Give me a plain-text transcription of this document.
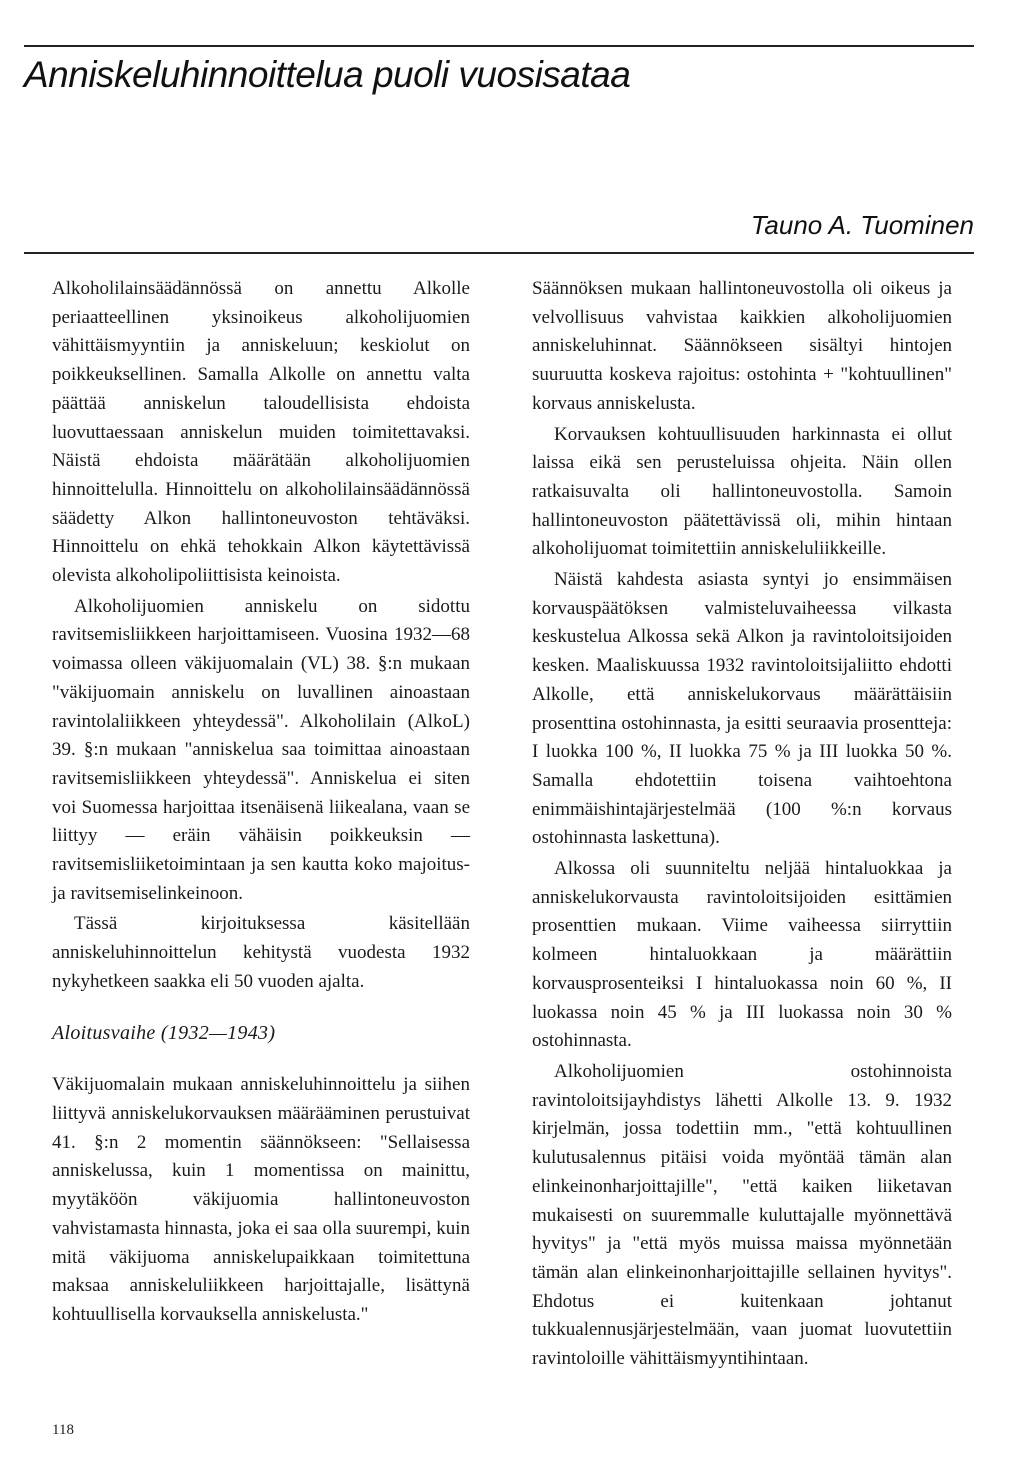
Anniskeluhinnoittelua puoli vuosisataa
Tauno A. Tuominen

Alkoholilainsäädännössä on annettu Alkolle periaatteellinen yksinoikeus alkoholijuomien vähittäismyyntiin ja anniskeluun; keskiolut on poikkeuksellinen. Samalla Alkolle on annettu valta päättää anniskelun taloudellisista ehdoista luovuttaessaan anniskelun muiden toimitettavaksi. Näistä ehdoista määrätään alkoholijuomien hinnoittelulla. Hinnoittelu on alkoholilainsäädännössä säädetty Alkon hallintoneuvoston tehtäväksi. Hinnoittelu on ehkä tehokkain Alkon käytettävissä olevista alkoholipoliittisista keinoista.

Alkoholijuomien anniskelu on sidottu ravitsemisliikkeen harjoittamiseen. Vuosina 1932—68 voimassa olleen väkijuomalain (VL) 38. §:n mukaan "väkijuomain anniskelu on luvallinen ainoastaan ravintolaliikkeen yhteydessä". Alkoholilain (AlkoL) 39. §:n mukaan "anniskelua saa toimittaa ainoastaan ravitsemisliikkeen yhteydessä". Anniskelua ei siten voi Suomessa harjoittaa itsenäisenä liikealana, vaan se liittyy — eräin vähäisin poikkeuksin — ravitsemisliiketoimintaan ja sen kautta koko majoitus- ja ravitsemiselinkeinoon.

Tässä kirjoituksessa käsitellään anniskeluhinnoittelun kehitystä vuodesta 1932 nykyhetkeen saakka eli 50 vuoden ajalta.

Aloitusvaihe (1932—1943)

Väkijuomalain mukaan anniskeluhinnoittelu ja siihen liittyvä anniskelukorvauksen määrääminen perustuivat 41. §:n 2 momentin säännökseen: "Sellaisessa anniskelussa, kuin 1 momentissa on mainittu, myytäköön väkijuomia hallintoneuvoston vahvistamasta hinnasta, joka ei saa olla suurempi, kuin mitä väkijuoma anniskelupaikkaan toimitettuna maksaa anniskeluliikkeen harjoittajalle, lisättynä kohtuullisella korvauksella anniskelusta."

Säännöksen mukaan hallintoneuvostolla oli oikeus ja velvollisuus vahvistaa kaikkien alkoholijuomien anniskeluhinnat. Säännökseen sisältyi hintojen suuruutta koskeva rajoitus: ostohinta + "kohtuullinen" korvaus anniskelusta.

Korvauksen kohtuullisuuden harkinnasta ei ollut laissa eikä sen perusteluissa ohjeita. Näin ollen ratkaisuvalta oli hallintoneuvostolla. Samoin hallintoneuvoston päätettävissä oli, mihin hintaan alkoholijuomat toimitettiin anniskeluliikkeille.

Näistä kahdesta asiasta syntyi jo ensimmäisen korvauspäätöksen valmisteluvaiheessa vilkasta keskustelua Alkossa sekä Alkon ja ravintoloitsijoiden kesken. Maaliskuussa 1932 ravintoloitsijaliitto ehdotti Alkolle, että anniskelukorvaus määrättäisiin prosenttina ostohinnasta, ja esitti seuraavia prosentteja: I luokka 100 %, II luokka 75 % ja III luokka 50 %. Samalla ehdotettiin toisena vaihtoehtona enimmäishintajärjestelmää (100 %:n korvaus ostohinnasta laskettuna).

Alkossa oli suunniteltu neljää hintaluokkaa ja anniskelukorvausta ravintoloitsijoiden esittämien prosenttien mukaan. Viime vaiheessa siirryttiin kolmeen hintaluokkaan ja määrättiin korvausprosenteiksi I hintaluokassa noin 60 %, II luokassa noin 45 % ja III luokassa noin 30 % ostohinnasta.

Alkoholijuomien ostohinnoista ravintoloitsijayhdistys lähetti Alkolle 13. 9. 1932 kirjelmän, jossa todettiin mm., "että kohtuullinen kulutusalennus pitäisi voida myöntää tämän alan elinkeinonharjoittajille", "että kaiken liiketavan mukaisesti on suuremmalle kuluttajalle myönnettävä hyvitys" ja "että myös muissa maissa myönnetään tämän alan elinkeinonharjoittajille sellainen hyvitys". Ehdotus ei kuitenkaan johtanut tukkualennusjärjestelmään, vaan juomat luovutettiin ravintoloille vähittäismyyntihintaan.

118
